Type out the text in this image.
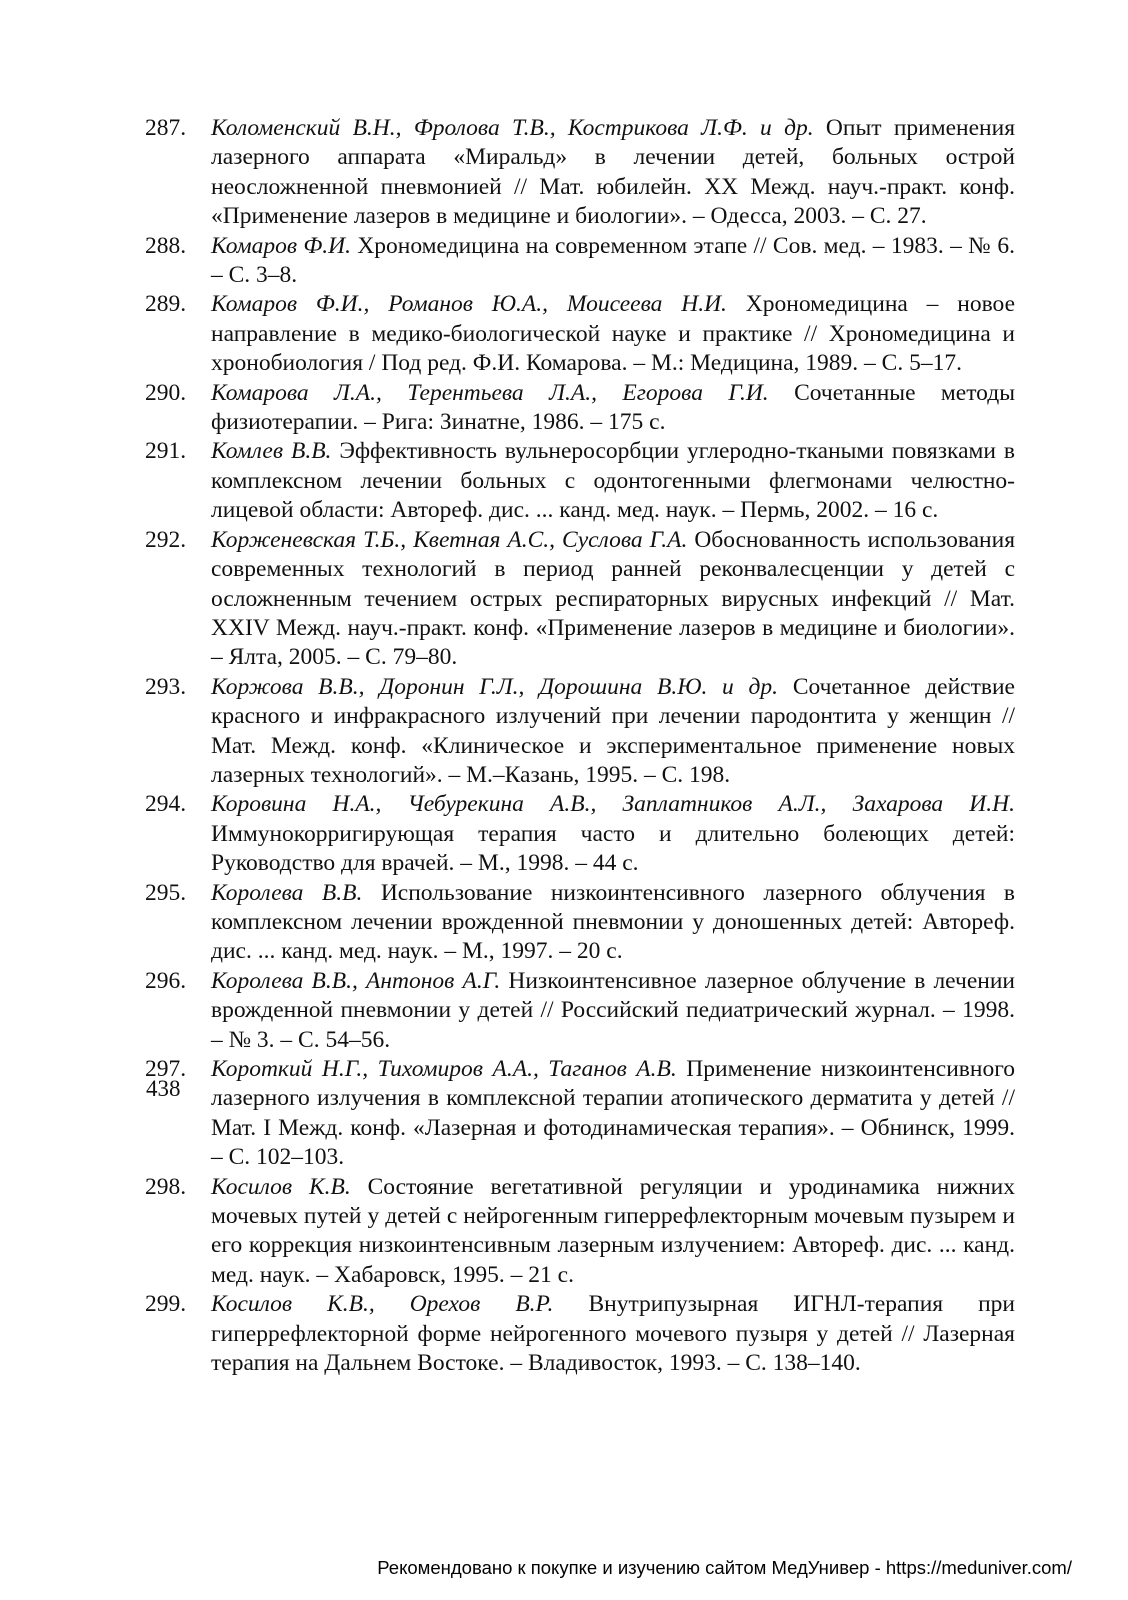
287.	Коломенский В.Н., Фролова Т.В., Кострикова Л.Ф. и др. Опыт применения лазерного аппарата «Миральд» в лечении детей, больных острой неосложненной пневмонией // Мат. юбилейн. XX Межд. науч.-практ. конф. «Применение лазеров в медицине и биологии». – Одесса, 2003. – С. 27.
288.	Комаров Ф.И. Хрономедицина на современном этапе // Сов. мед. – 1983. – № 6. – С. 3–8.
289.	Комаров Ф.И., Романов Ю.А., Моисеева Н.И. Хрономедицина – новое направление в медико-биологической науке и практике // Хрономедицина и хронобиология / Под ред. Ф.И. Комарова. – М.: Медицина, 1989. – С. 5–17.
290.	Комарова Л.А., Терентьева Л.А., Егорова Г.И. Сочетанные методы физиотерапии. – Рига: Зинатне, 1986. – 175 с.
291.	Комлев В.В. Эффективность вульнеросорбции углеродно-ткаными повязками в комплексном лечении больных с одонтогенными флегмонами челюстно-лицевой области: Автореф. дис. ... канд. мед. наук. – Пермь, 2002. – 16 с.
292.	Корженевская Т.Б., Кветная А.С., Суслова Г.А. Обоснованность использования современных технологий в период ранней реконвалесценции у детей с осложненным течением острых респираторных вирусных инфекций // Мат. XXIV Межд. науч.-практ. конф. «Применение лазеров в медицине и биологии». – Ялта, 2005. – С. 79–80.
293.	Коржова В.В., Доронин Г.Л., Дорошина В.Ю. и др. Сочетанное действие красного и инфракрасного излучений при лечении пародонтита у женщин // Мат. Межд. конф. «Клиническое и экспериментальное применение новых лазерных технологий». – М.–Казань, 1995. – С. 198.
294.	Коровина Н.А., Чебурекина А.В., Заплатников А.Л., Захарова И.Н. Иммунокорригирующая терапия часто и длительно болеющих детей: Руководство для врачей. – М., 1998. – 44 с.
295.	Королева В.В. Использование низкоинтенсивного лазерного облучения в комплексном лечении врожденной пневмонии у доношенных детей: Автореф. дис. ... канд. мед. наук. – М., 1997. – 20 с.
296.	Королева В.В., Антонов А.Г. Низкоинтенсивное лазерное облучение в лечении врожденной пневмонии у детей // Российский педиатрический журнал. – 1998. – № 3. – С. 54–56.
297.	Короткий Н.Г., Тихомиров А.А., Таганов А.В. Применение низкоинтенсивного лазерного излучения в комплексной терапии атопического дерматита у детей // Мат. I Межд. конф. «Лазерная и фотодинамическая терапия». – Обнинск, 1999. – С. 102–103.
298.	Косилов К.В. Состояние вегетативной регуляции и уродинамика нижних мочевых путей у детей с нейрогенным гиперрефлекторным мочевым пузырем и его коррекция низкоинтенсивным лазерным излучением: Автореф. дис. ... канд. мед. наук. – Хабаровск, 1995. – 21 с.
299.	Косилов К.В., Орехов В.Р. Внутрипузырная ИГНЛ-терапия при гиперрефлекторной форме нейрогенного мочевого пузыря у детей // Лазерная терапия на Дальнем Востоке. – Владивосток, 1993. – С. 138–140.
438
Рекомендовано к покупке и изучению сайтом МедУнивер - https://meduniver.com/
